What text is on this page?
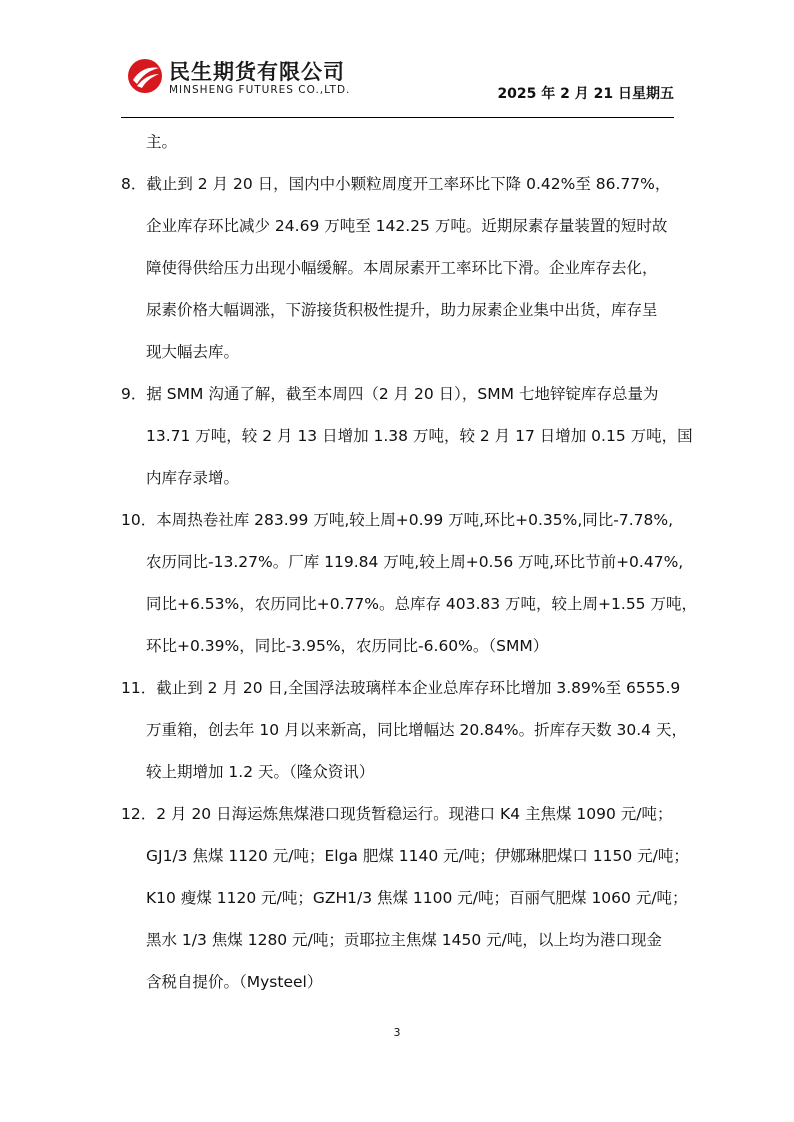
民生期货有限公司
MINSHENG FUTURES CO.,LTD.	2025 年 2 月 21 日星期五
主。
8．截止到 2 月 20 日，国内中小颗粒周度开工率环比下降 0.42%至 86.77%，
企业库存环比减少 24.69 万吨至 142.25 万吨。近期尿素存量装置的短时故
障使得供给压力出现小幅缓解。本周尿素开工率环比下滑。企业库存去化，
尿素价格大幅调涨，下游接货积极性提升，助力尿素企业集中出货，库存呈
现大幅去库。
9．据 SMM 沟通了解，截至本周四（2 月 20 日），SMM 七地锌锭库存总量为
13.71 万吨，较 2 月 13 日增加 1.38 万吨，较 2 月 17 日增加 0.15 万吨，国
内库存录增。
10．本周热卷社库 283.99 万吨,较上周+0.99 万吨,环比+0.35%,同比-7.78%,
农历同比-13.27%。厂库 119.84 万吨,较上周+0.56 万吨,环比节前+0.47%,
同比+6.53%，农历同比+0.77%。总库存 403.83 万吨，较上周+1.55 万吨，
环比+0.39%，同比-3.95%，农历同比-6.60%。（SMM）
11．截止到 2 月 20 日,全国浮法玻璃样本企业总库存环比增加 3.89%至 6555.9
万重箱，创去年 10 月以来新高，同比增幅达 20.84%。折库存天数 30.4 天，
较上期增加 1.2 天。（隆众资讯）
12．2 月 20 日海运炼焦煤港口现货暂稳运行。现港口 K4 主焦煤 1090 元/吨；
GJ1/3 焦煤 1120 元/吨；Elga 肥煤 1140 元/吨；伊娜琳肥煤口 1150 元/吨；
K10 瘦煤 1120 元/吨；GZH1/3 焦煤 1100 元/吨；百丽气肥煤 1060 元/吨；
黑水 1/3 焦煤 1280 元/吨；贡耶拉主焦煤 1450 元/吨，以上均为港口现金
含税自提价。（Mysteel）
3
